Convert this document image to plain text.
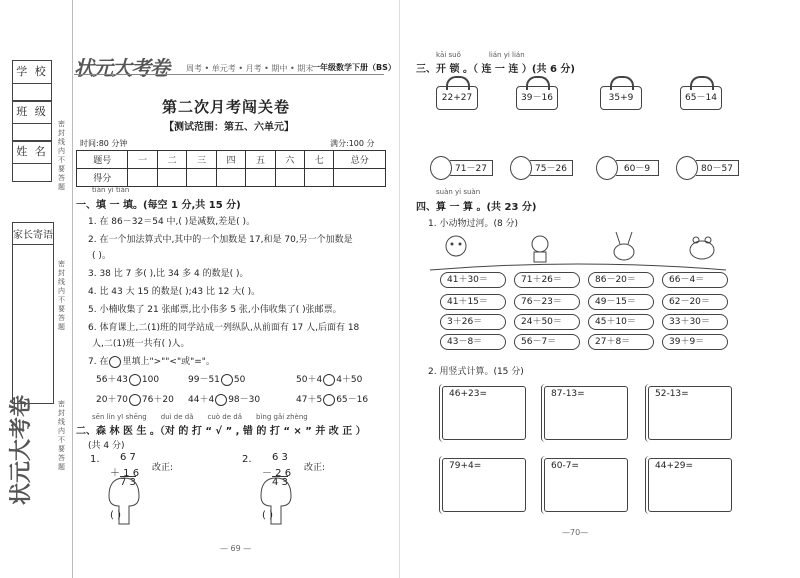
学 校
班 级
姓 名
家长寄语
密封线内不要答题
密封线内不要答题
密封线内不要答题
状元大考卷
状元大考卷 周考 • 单元考 • 月考 • 期中 • 期末
一年级数学下册（BS）
第二次月考闯关卷
【测试范围：第五、六单元】
时间:80 分钟	满分:100 分
题号	一	二	三	四	五	六	七	总分
得分								
tián yi tián
一、填 一 填。(每空 1 分,共 15 分)
1. 在 86－32＝54 中,( )是减数,差是( )。
2. 在一个加法算式中,其中的一个加数是 17,和是 70,另一个加数是
( )。
3. 38 比 7 多( ),比 34 多 4 的数是( )。
4. 比 43 大 15 的数是( );43 比 12 大( )。
5. 小楠收集了 21 张邮票,比小伟多 5 张,小伟收集了( )张邮票。
6. 体育课上,二(1)班的同学站成一列纵队,从前面有 17 人,后面有 18
人,二(1)班一共有( )人。
7. 在 里填上">""<"或"="。
56＋43 100	99－51 50	50＋4 4＋50
20＋70 76＋20 44＋4 98－30	47＋5 65－16
sēn lín yī shēng　　duì de dǎ　　cuò de dǎ　　bìng gǎi zhèng
二、森 林 医 生 。（对 的 打 “ √ ” , 错 的 打 “ × ” 并 改 正 ）
(共 4 分)
1. 6 7
＋ 1 6
7 3
改正:
( )
2. 6 3
－ 2 6
4 3
改正:
( )
— 69 —
kāi suǒ　　　　lián yi lián
三、开 锁 。（ 连 一 连 ）(共 6 分)
22+27	39－16	35+9	65－14
71－27	75－26	60－9	80－57
suàn yi suàn
四、算 一 算 。(共 23 分)
1. 小动物过河。(8 分)
41＋30＝	71＋26＝	86－20＝	66－4＝
41＋15＝	76－23＝	49－15＝	62－20＝
3＋26＝	24＋50＝	45＋10＝	33＋30＝
43－8＝	56－7＝	27＋8＝	39＋9＝
2. 用竖式计算。(15 分)
46+23=	87-13=	52-13=
79+4=	60-7=	44+29=
—70—
